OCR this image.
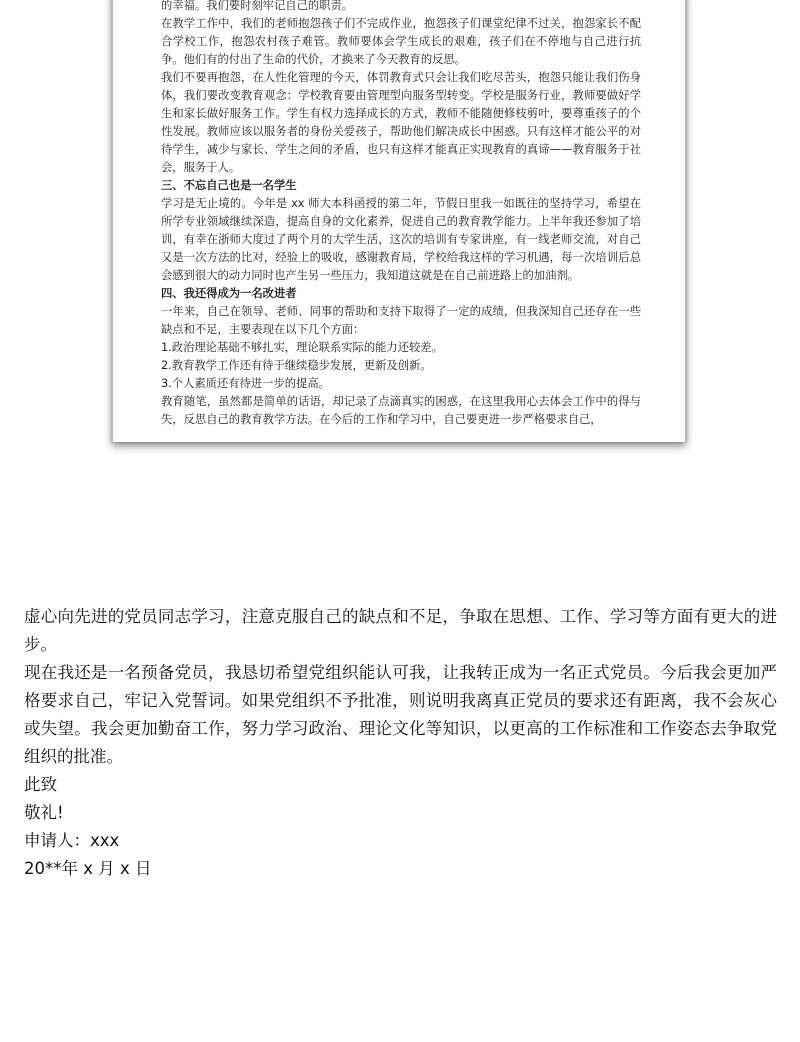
的幸福。我们要时刻牢记自己的职责。

在教学工作中，我们的老师抱怨孩子们不完成作业，抱怨孩子们课堂纪律不过关，抱怨家长不配合学校工作，抱怨农村孩子难管。教师要体会学生成长的艰难，孩子们在不停地与自己进行抗争。他们有的付出了生命的代价，才换来了今天教育的反思。

我们不要再抱怨，在人性化管理的今天，体罚教育式只会让我们吃尽苦头，抱怨只能让我们伤身体，我们要改变教育观念：学校教育要由管理型向服务型转变。学校是服务行业，教师要做好学生和家长做好服务工作。学生有权力选择成长的方式，教师不能随便修枝剪叶，要尊重孩子的个性发展。教师应该以服务者的身份关爱孩子，帮助他们解决成长中困惑。只有这样才能公平的对待学生，减少与家长、学生之间的矛盾，也只有这样才能真正实现教育的真谛——教育服务于社会，服务于人。

三、不忘自己也是一名学生

学习是无止境的。今年是 xx 师大本科函授的第二年，节假日里我一如既往的坚持学习，希望在所学专业领域继续深造，提高自身的文化素养，促进自己的教育教学能力。上半年我还参加了培训，有幸在浙师大度过了两个月的大学生活，这次的培训有专家讲座，有一线老师交流，对自己又是一次方法的比对，经验上的吸收，感谢教育局，学校给我这样的学习机遇，每一次培训后总会感到很大的动力同时也产生另一些压力，我知道这就是在自己前进路上的加油剂。

四、我还得成为一名改进者

一年来，自己在领导、老师、同事的帮助和支持下取得了一定的成绩，但我深知自己还存在一些缺点和不足，主要表现在以下几个方面：

1.政治理论基础不够扎实，理论联系实际的能力还较差。

2.教育教学工作还有待于继续稳步发展，更新及创新。

3.个人素质还有待进一步的提高。

教育随笔，虽然都是简单的话语，却记录了点滴真实的困惑，在这里我用心去体会工作中的得与失，反思自己的教育教学方法。在今后的工作和学习中，自己要更进一步严格要求自己，

虚心向先进的党员同志学习，注意克服自己的缺点和不足，争取在思想、工作、学习等方面有更大的进步。

现在我还是一名预备党员，我恳切希望党组织能认可我，让我转正成为一名正式党员。今后我会更加严格要求自己，牢记入党誓词。如果党组织不予批准，则说明我离真正党员的要求还有距离，我不会灰心或失望。我会更加勤奋工作，努力学习政治、理论文化等知识，以更高的工作标准和工作姿态去争取党组织的批准。

此致

敬礼!

申请人：xxx

20**年 x 月 x 日
